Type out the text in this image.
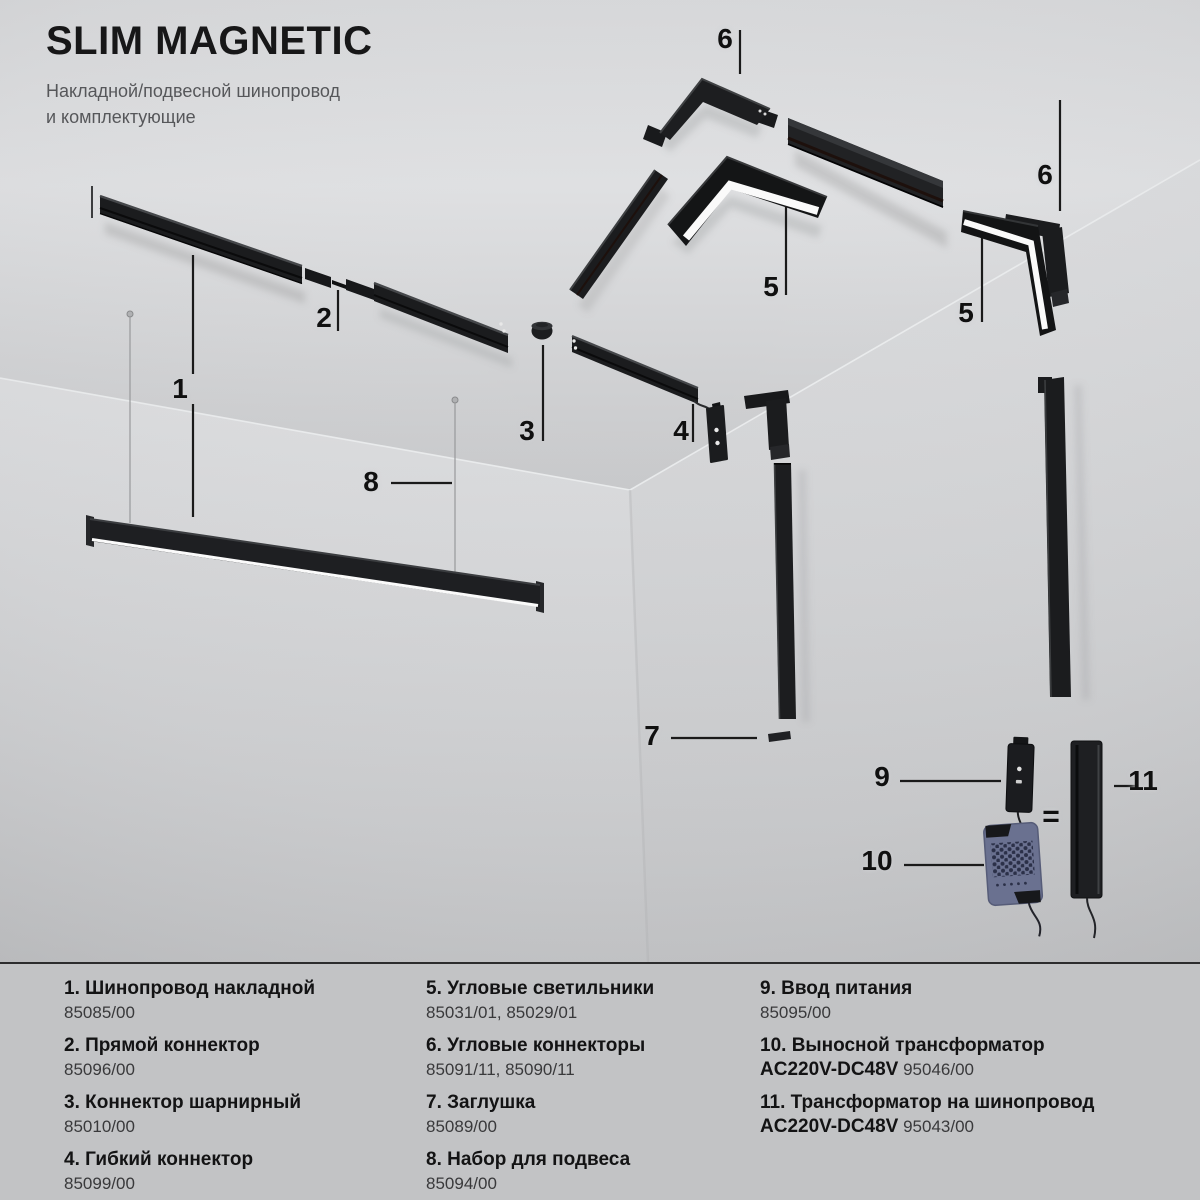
SLIM MAGNETIC
Накладной/подвесной шинопровод
и комплектующие
1
2
3	4
5
5
6
6
7
8
9
10
11
=
1. Шинопровод накладной
85085/00
2. Прямой коннектор
85096/00
3. Коннектор шарнирный
85010/00
4. Гибкий коннектор
85099/00
5. Угловые светильники
85031/01, 85029/01
6. Угловые коннекторы
85091/11, 85090/11
7. Заглушка
85089/00
8. Набор для подвеса
85094/00
9. Ввод питания
85095/00
10. Выносной трансформатор
AC220V-DC48V 95046/00
11. Трансформатор на шинопровод
AC220V-DC48V 95043/00
